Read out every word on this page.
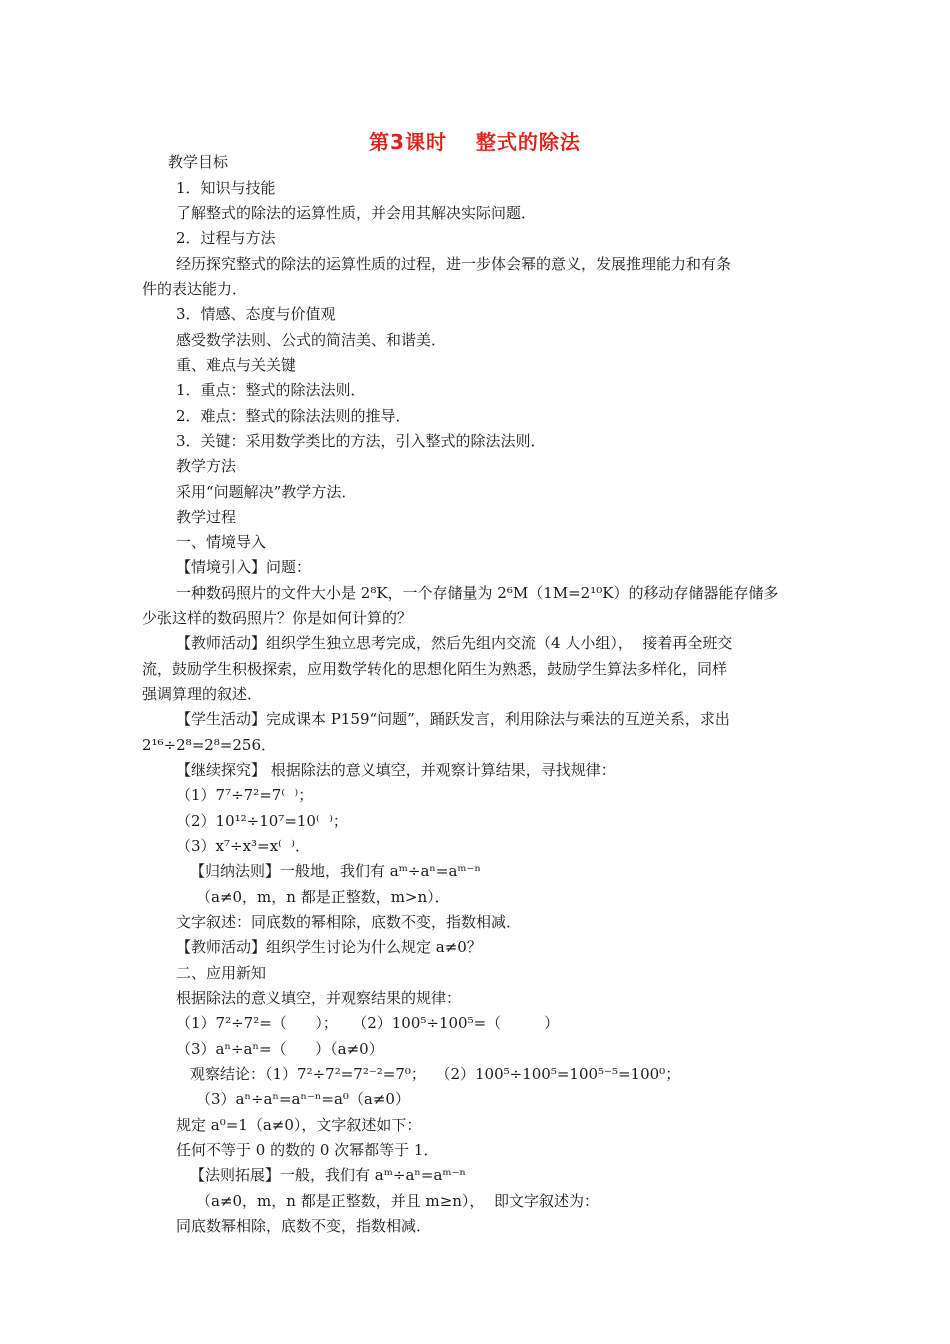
第3课时　 整式的除法
教学目标
1．知识与技能
了解整式的除法的运算性质，并会用其解决实际问题．
2．过程与方法
经历探究整式的除法的运算性质的过程，进一步体会幂的意义，发展推理能力和有条
件的表达能力．
3．情感、态度与价值观
感受数学法则、公式的简洁美、和谐美．
重、难点与关关键
1．重点：整式的除法法则．
2．难点：整式的除法法则的推导．
3．关键：采用数学类比的方法，引入整式的除法法则．
教学方法
采用“问题解决”教学方法．
教学过程
一、情境导入
【情境引入】问题：
一种数码照片的文件大小是 2⁸K，一个存储量为 2⁶M（1M=2¹⁰K）的移动存储器能存储多
少张这样的数码照片？你是如何计算的？
【教师活动】组织学生独立思考完成，然后先组内交流（4 人小组），  接着再全班交
流，鼓励学生积极探索，应用数学转化的思想化陌生为熟悉，鼓励学生算法多样化，同样
强调算理的叙述．
【学生活动】完成课本 P159“问题”，踊跃发言，利用除法与乘法的互逆关系，求出
2¹⁶÷2⁸=2⁸=256．
【继续探究】 根据除法的意义填空，并观察计算结果，寻找规律：
（1）7⁷÷7²=7⁽  ⁾；
（2）10¹²÷10⁷=10⁽  ⁾；
（3）x⁷÷x³=x⁽  ⁾．
【归纳法则】一般地，我们有 aᵐ÷aⁿ=aᵐ⁻ⁿ
（a≠0，m，n 都是正整数，m>n）．
文字叙述：同底数的幂相除，底数不变，指数相减．
【教师活动】组织学生讨论为什么规定 a≠0？
二、应用新知
根据除法的意义填空，并观察结果的规律：
（1）7²÷7²=（      ）；   （2）100⁵÷100⁵=（         ）
（3）aⁿ÷aⁿ=（      ）（a≠0）
观察结论：（1）7²÷7²=7²⁻²=7⁰；  （2）100⁵÷100⁵=100⁵⁻⁵=100⁰；
（3）aⁿ÷aⁿ=aⁿ⁻ⁿ=a⁰（a≠0）
规定 a⁰=1（a≠0），文字叙述如下：
任何不等于 0 的数的 0 次幂都等于 1．
【法则拓展】一般，我们有 aᵐ÷aⁿ=aᵐ⁻ⁿ
（a≠0，m，n 都是正整数，并且 m≥n），  即文字叙述为：
同底数幂相除，底数不变，指数相减．
